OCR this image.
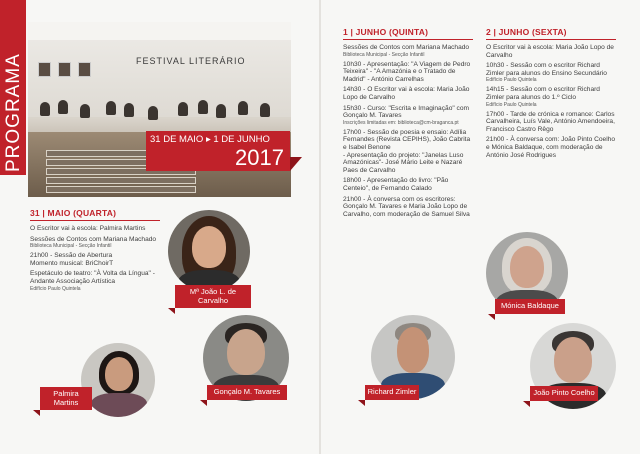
PROGRAMA	FESTIVAL LITERÁRIO
31 DE MAIO ▸ 1 DE JUNHO
2017
31 | MAIO (QUARTA)

O Escritor vai à escola: Palmira Martins

Sessões de Contos com Mariana Machado

Biblioteca Municipal - Secção Infantil

21h00 - Sessão de Abertura

Momento musical: BriChoirT

Espetáculo de teatro: "À Volta da Língua" - Andante Associação Artística

Edifício Paulo Quintela

1 | JUNHO (QUINTA)

Sessões de Contos com Mariana Machado

Biblioteca Municipal - Secção Infantil

10h30 - Apresentação: "A Viagem de Pedro Teixeira" - "A Amazónia e o Tratado de Madrid" - António Carrelhas

14h30 - O Escritor vai à escola: Maria João Lopo de Carvalho

15h30 - Curso: "Escrita e Imaginação" com Gonçalo M. Tavares

Inscrições limitadas em: biblioteca@cm-braganca.pt

17h00 - Sessão de poesia e ensaio: Adília Fernandes (Revista CEPIHS), João Cabrita e Isabel Benone

- Apresentação do projeto: "Janelas Luso Amazónicas"- José Mário Leite e Nazaré Paes de Carvalho

18h00 - Apresentação do livro: "Pão Centeio", de Fernando Calado

21h00 - À conversa com os escritores: Gonçalo M. Tavares e Maria João Lopo de Carvalho, com moderação de Samuel Silva

2 | JUNHO (SEXTA)

O Escritor vai à escola: Maria João Lopo de Carvalho

10h30 - Sessão com o escritor Richard Zimler para alunos do Ensino Secundário

Edifício Paulo Quintela

14h15 - Sessão com o escritor Richard Zimler para alunos do 1.º Ciclo

Edifício Paulo Quintela

17h00 - Tarde de crónica e romance: Carlos Carvalheira, Luís Vale, António Amendoeira, Francisco Castro Rêgo

21h00 - À conversa com: João Pinto Coelho e Mónica Baldaque, com moderação de António José Rodrigues

Mª João L. de Carvalho
Palmira Martins
Gonçalo M. Tavares	Richard Zimler
Mónica Baldaque
João Pinto Coelho
